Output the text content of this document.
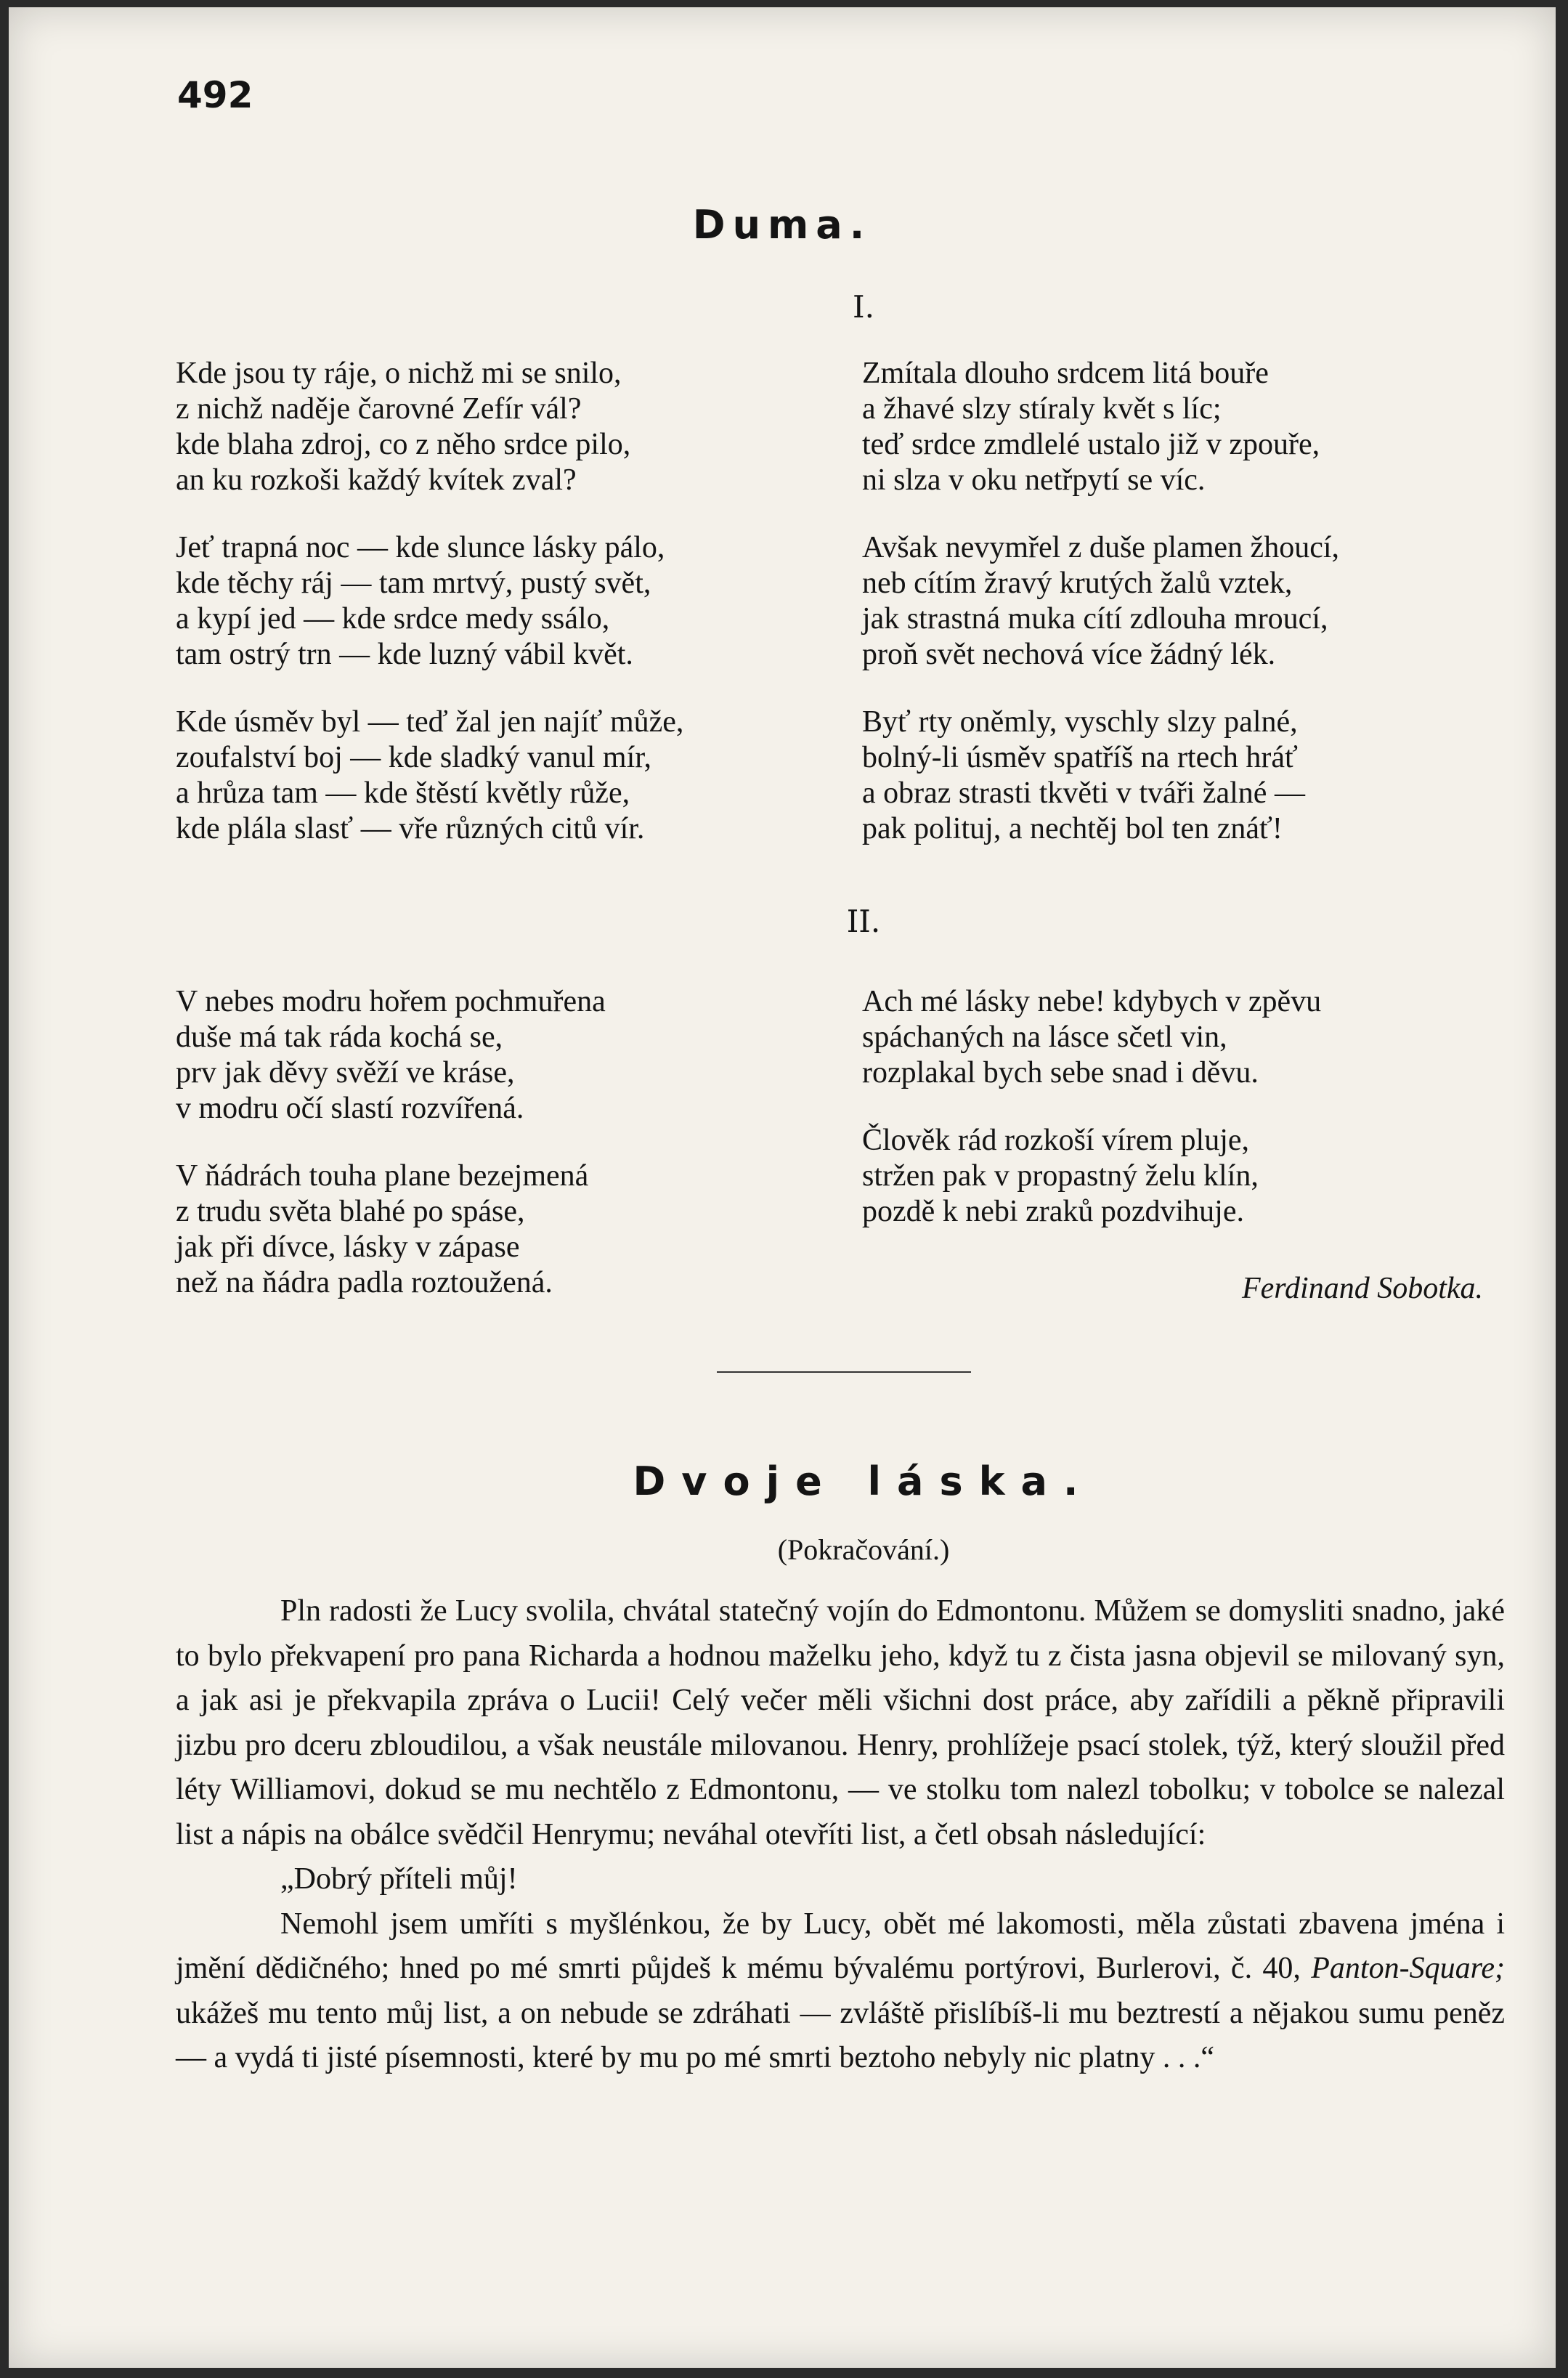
492
Duma.
I.
Kde jsou ty ráje, o nichž mi se snilo,
z nichž naděje čarovné Zefír vál?
kde blaha zdroj, co z něho srdce pilo,
an ku rozkoši každý kvítek zval?
Jeť trapná noc — kde slunce lásky pálo,
kde těchy ráj — tam mrtvý, pustý svět,
a kypí jed — kde srdce medy ssálo,
tam ostrý trn — kde luzný vábil květ.
Kde úsměv byl — teď žal jen najíť může,
zoufalství boj — kde sladký vanul mír,
a hrůza tam — kde štěstí květly růže,
kde plála slasť — vře různých citů vír.
Zmítala dlouho srdcem litá bouře
a žhavé slzy stíraly květ s líc;
teď srdce zmdlelé ustalo již v zpouře,
ni slza v oku netřpytí se víc.
Avšak nevymřel z duše plamen žhoucí,
neb cítím žravý krutých žalů vztek,
jak strastná muka cítí zdlouha mroucí,
proň svět nechová více žádný lék.
Byť rty oněmly, vyschly slzy palné,
bolný-li úsměv spatříš na rtech hráť
a obraz strasti tkvěti v tváři žalné —
pak polituj, a nechtěj bol ten znáť!
II.
V nebes modru hořem pochmuřena
duše má tak ráda kochá se,
prv jak děvy svěží ve kráse,
v modru očí slastí rozvířená.
V ňádrách touha plane bezejmená
z trudu světa blahé po spáse,
jak při dívce, lásky v zápase
než na ňádra padla roztoužená.
Ach mé lásky nebe! kdybych v zpěvu
spáchaných na lásce sčetl vin,
rozplakal bych sebe snad i děvu.
Člověk rád rozkoší vírem pluje,
stržen pak v propastný želu klín,
pozdě k nebi zraků pozdvihuje.
Ferdinand Sobotka.
Dvoje láska.
(Pokračování.)

Pln radosti že Lucy svolila, chvátal statečný vojín do Edmontonu. Můžem se domysliti snadno, jaké to bylo překvapení pro pana Richarda a hodnou maželku jeho, když tu z čista jasna objevil se milovaný syn, a jak asi je překvapila zpráva o Lucii! Celý večer měli všichni dost práce, aby zařídili a pěkně připravili jizbu pro dceru zbloudilou, a však neustále milovanou. Henry, prohlížeje psací stolek, týž, který sloužil před léty Williamovi, dokud se mu nechtělo z Edmontonu, — ve stolku tom nalezl tobolku; v tobolce se nalezal list a nápis na obálce svědčil Henrymu; neváhal otevříti list, a četl obsah následující:

„Dobrý příteli můj!

Nemohl jsem umříti s myšlénkou, že by Lucy, obět mé lakomosti, měla zůstati zbavena jména i jmění dědičného; hned po mé smrti půjdeš k mému bývalému portýrovi, Burlerovi, č. 40, Panton-Square; ukážeš mu tento můj list, a on nebude se zdráhati — zvláště přislíbíš-li mu beztrestí a nějakou sumu peněz — a vydá ti jisté písemnosti, které by mu po mé smrti beztoho nebyly nic platny . . .“
